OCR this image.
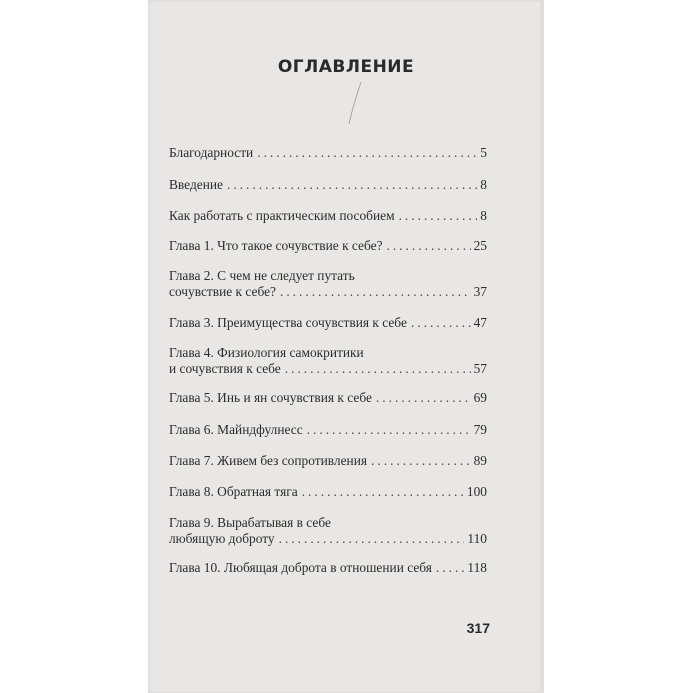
ОГЛАВЛЕНИЕ
Благодарности .....	5
Введение .....	8
Как работать с практическим пособием .....	8
Глава 1. Что такое сочувствие к себе? .....	25
Глава 2. С чем не следует путать
сочувствие к себе? .....	37
Глава 3. Преимущества сочувствия к себе .....	47
Глава 4. Физиология самокритики
и сочувствия к себе .....	57
Глава 5. Инь и ян сочувствия к себе .....	69
Глава 6. Майндфулнесс .....	79
Глава 7. Живем без сопротивления .....	89
Глава 8. Обратная тяга .....	100
Глава 9. Вырабатывая в себе
любящую доброту .....	110
Глава 10. Любящая доброта в отношении себя .....	118
317
